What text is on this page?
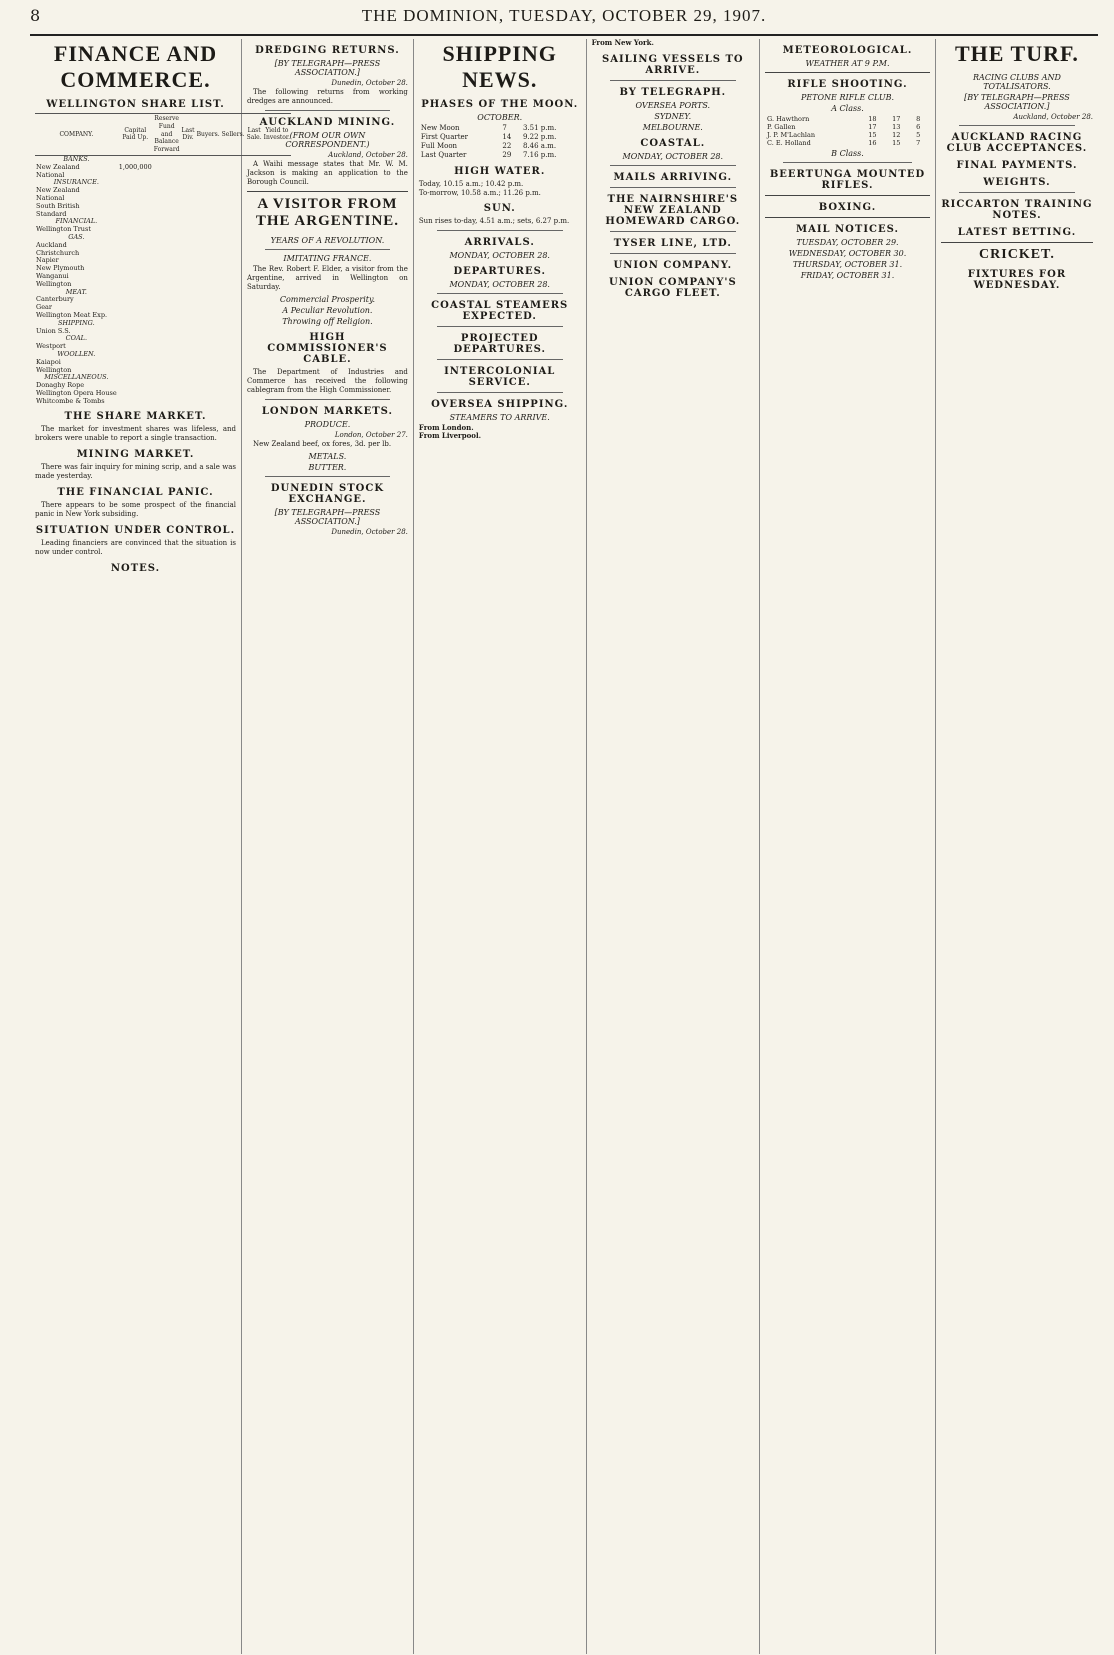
8	THE DOMINION, TUESDAY, OCTOBER 29, 1907.
FINANCE AND COMMERCE.
WELLINGTON SHARE LIST.
COMPANY.	Capital Paid Up.	Reserve Fund and Balance Forward	Last Div.	Buyers.	Sellers.	Last Sale.	Yield to Investor.
BANKS.							
New Zealand	1,000,000						
National							
INSURANCE.							
New Zealand							
National							
South British							
Standard							
FINANCIAL.							
Wellington Trust							
GAS.							
Auckland							
Christchurch							
Napier							
New Plymouth							
Wanganui							
Wellington							
MEAT.							
Canterbury							
Gear							
Wellington Meat Exp.							
SHIPPING.							
Union S.S.							
COAL.							
Westport							
WOOLLEN.							
Kaiapoi							
Wellington							
MISCELLANEOUS.							
Donaghy Rope							
Wellington Opera House							
Whitcombe & Tombs							
THE SHARE MARKET.

The market for investment shares was lifeless, and brokers were unable to report a single transaction.

MINING MARKET.

There was fair inquiry for mining scrip, and a sale was made yesterday.

THE FINANCIAL PANIC.

There appears to be some prospect of the financial panic in New York subsiding.

SITUATION UNDER CONTROL.

Leading financiers are convinced that the situation is now under control.

NOTES.
DREDGING RETURNS.
[BY TELEGRAPH—PRESS ASSOCIATION.]
Dunedin, October 28.

The following returns from working dredges are announced.

AUCKLAND MINING.
(FROM OUR OWN CORRESPONDENT.)
Auckland, October 28.

A Waihi message states that Mr. W. M. Jackson is making an application to the Borough Council.

A VISITOR FROM THE ARGENTINE.
YEARS OF A REVOLUTION.
IMITATING FRANCE.

The Rev. Robert F. Elder, a visitor from the Argentine, arrived in Wellington on Saturday.

Commercial Prosperity.
A Peculiar Revolution.
Throwing off Religion.
HIGH COMMISSIONER'S CABLE.

The Department of Industries and Commerce has received the following cablegram from the High Commissioner.

LONDON MARKETS.
PRODUCE.
London, October 27.

New Zealand beef, ox fores, 3d. per lb.

METALS.
BUTTER.
DUNEDIN STOCK EXCHANGE.
[BY TELEGRAPH—PRESS ASSOCIATION.]
Dunedin, October 28.
SHIPPING NEWS.
PHASES OF THE MOON.
OCTOBER.
New Moon	7	3.51 p.m.
First Quarter	14	9.22 p.m.
Full Moon	22	8.46 a.m.
Last Quarter	29	7.16 p.m.
HIGH WATER.

Today, 10.15 a.m.; 10.42 p.m.

To-morrow, 10.58 a.m.; 11.26 p.m.

SUN.

Sun rises to-day, 4.51 a.m.; sets, 6.27 p.m.

ARRIVALS.
MONDAY, OCTOBER 28.
DEPARTURES.
MONDAY, OCTOBER 28.
COASTAL STEAMERS EXPECTED.
PROJECTED DEPARTURES.
INTERCOLONIAL SERVICE.
OVERSEA SHIPPING.
STEAMERS TO ARRIVE.

From London.

From Liverpool.

From New York.

SAILING VESSELS TO ARRIVE.
BY TELEGRAPH.
OVERSEA PORTS.
SYDNEY.
MELBOURNE.
COASTAL.
MONDAY, OCTOBER 28.
MAILS ARRIVING.
THE NAIRNSHIRE'S NEW ZEALAND HOMEWARD CARGO.
TYSER LINE, LTD.
UNION COMPANY.
UNION COMPANY'S CARGO FLEET.
METEOROLOGICAL.
WEATHER AT 9 P.M.
RIFLE SHOOTING.
PETONE RIFLE CLUB.
A Class.
G. Hawthorn	18	17	8
P. Gallen	17	13	6
J. P. M'Lachlan	15	12	5
C. E. Holland	16	15	7
B Class.
BEERTUNGA MOUNTED RIFLES.
BOXING.
MAIL NOTICES.
TUESDAY, OCTOBER 29.
WEDNESDAY, OCTOBER 30.
THURSDAY, OCTOBER 31.
FRIDAY, OCTOBER 31.
THE TURF.
RACING CLUBS AND TOTALISATORS.
[BY TELEGRAPH—PRESS ASSOCIATION.]
Auckland, October 28.
AUCKLAND RACING CLUB ACCEPTANCES.
FINAL PAYMENTS.
WEIGHTS.
RICCARTON TRAINING NOTES.
LATEST BETTING.
CRICKET.
FIXTURES FOR WEDNESDAY.
